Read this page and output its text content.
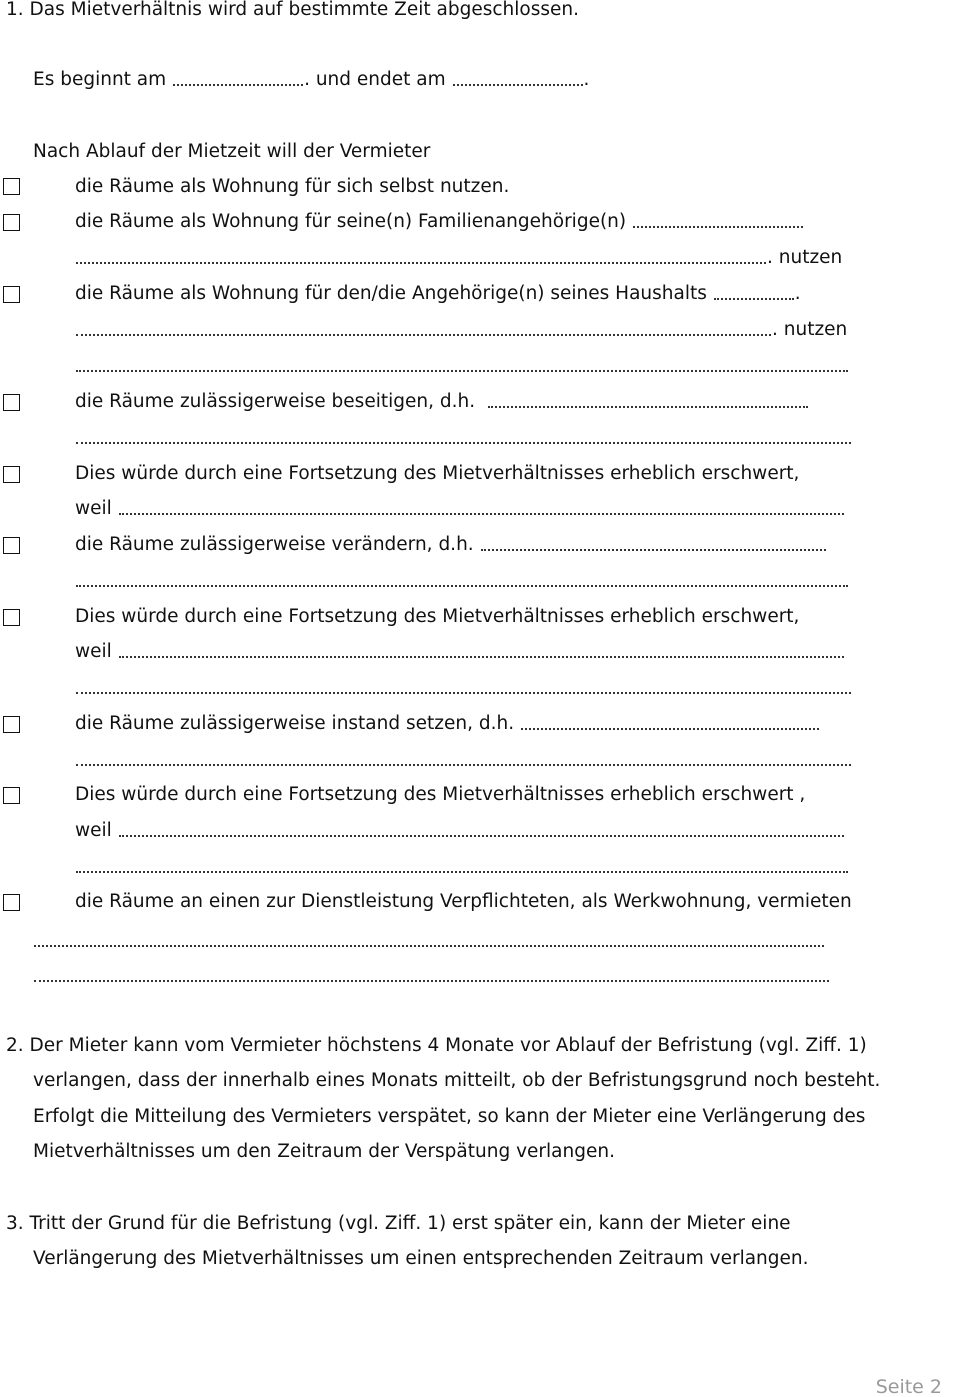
1. Das Mietverhältnis wird auf bestimmte Zeit abgeschlossen.
Es beginnt am
	. und endet am
	.
Nach Ablauf der Mietzeit will der Vermieter
die Räume als Wohnung für sich selbst nutzen.
die Räume als Wohnung für seine(n) Familienangehörige(n)

. nutzen
die Räume als Wohnung für den/die Angehörige(n) seines Haushalts
	.
. nutzen
die Räume zulässigerweise beseitigen, d.h.

Dies würde durch eine Fortsetzung des Mietverhältnisses erheblich erschwert,
weil

die Räume zulässigerweise verändern, d.h.

Dies würde durch eine Fortsetzung des Mietverhältnisses erheblich erschwert,
weil

die Räume zulässigerweise instand setzen, d.h.

Dies würde durch eine Fortsetzung des Mietverhältnisses erheblich erschwert ,
weil

die Räume an einen zur Dienstleistung Verpflichteten, als Werkwohnung, vermieten
2. Der Mieter kann vom Vermieter höchstens 4 Monate vor Ablauf der Befristung (vgl. Ziff. 1)
verlangen, dass der innerhalb eines Monats mitteilt, ob der Befristungsgrund noch besteht.
Erfolgt die Mitteilung des Vermieters verspätet, so kann der Mieter eine Verlängerung des
Mietverhältnisses um den Zeitraum der Verspätung verlangen.
3. Tritt der Grund für die Befristung (vgl. Ziff. 1) erst später ein, kann der Mieter eine
Verlängerung des Mietverhältnisses um einen entsprechenden Zeitraum verlangen.
Seite 2
